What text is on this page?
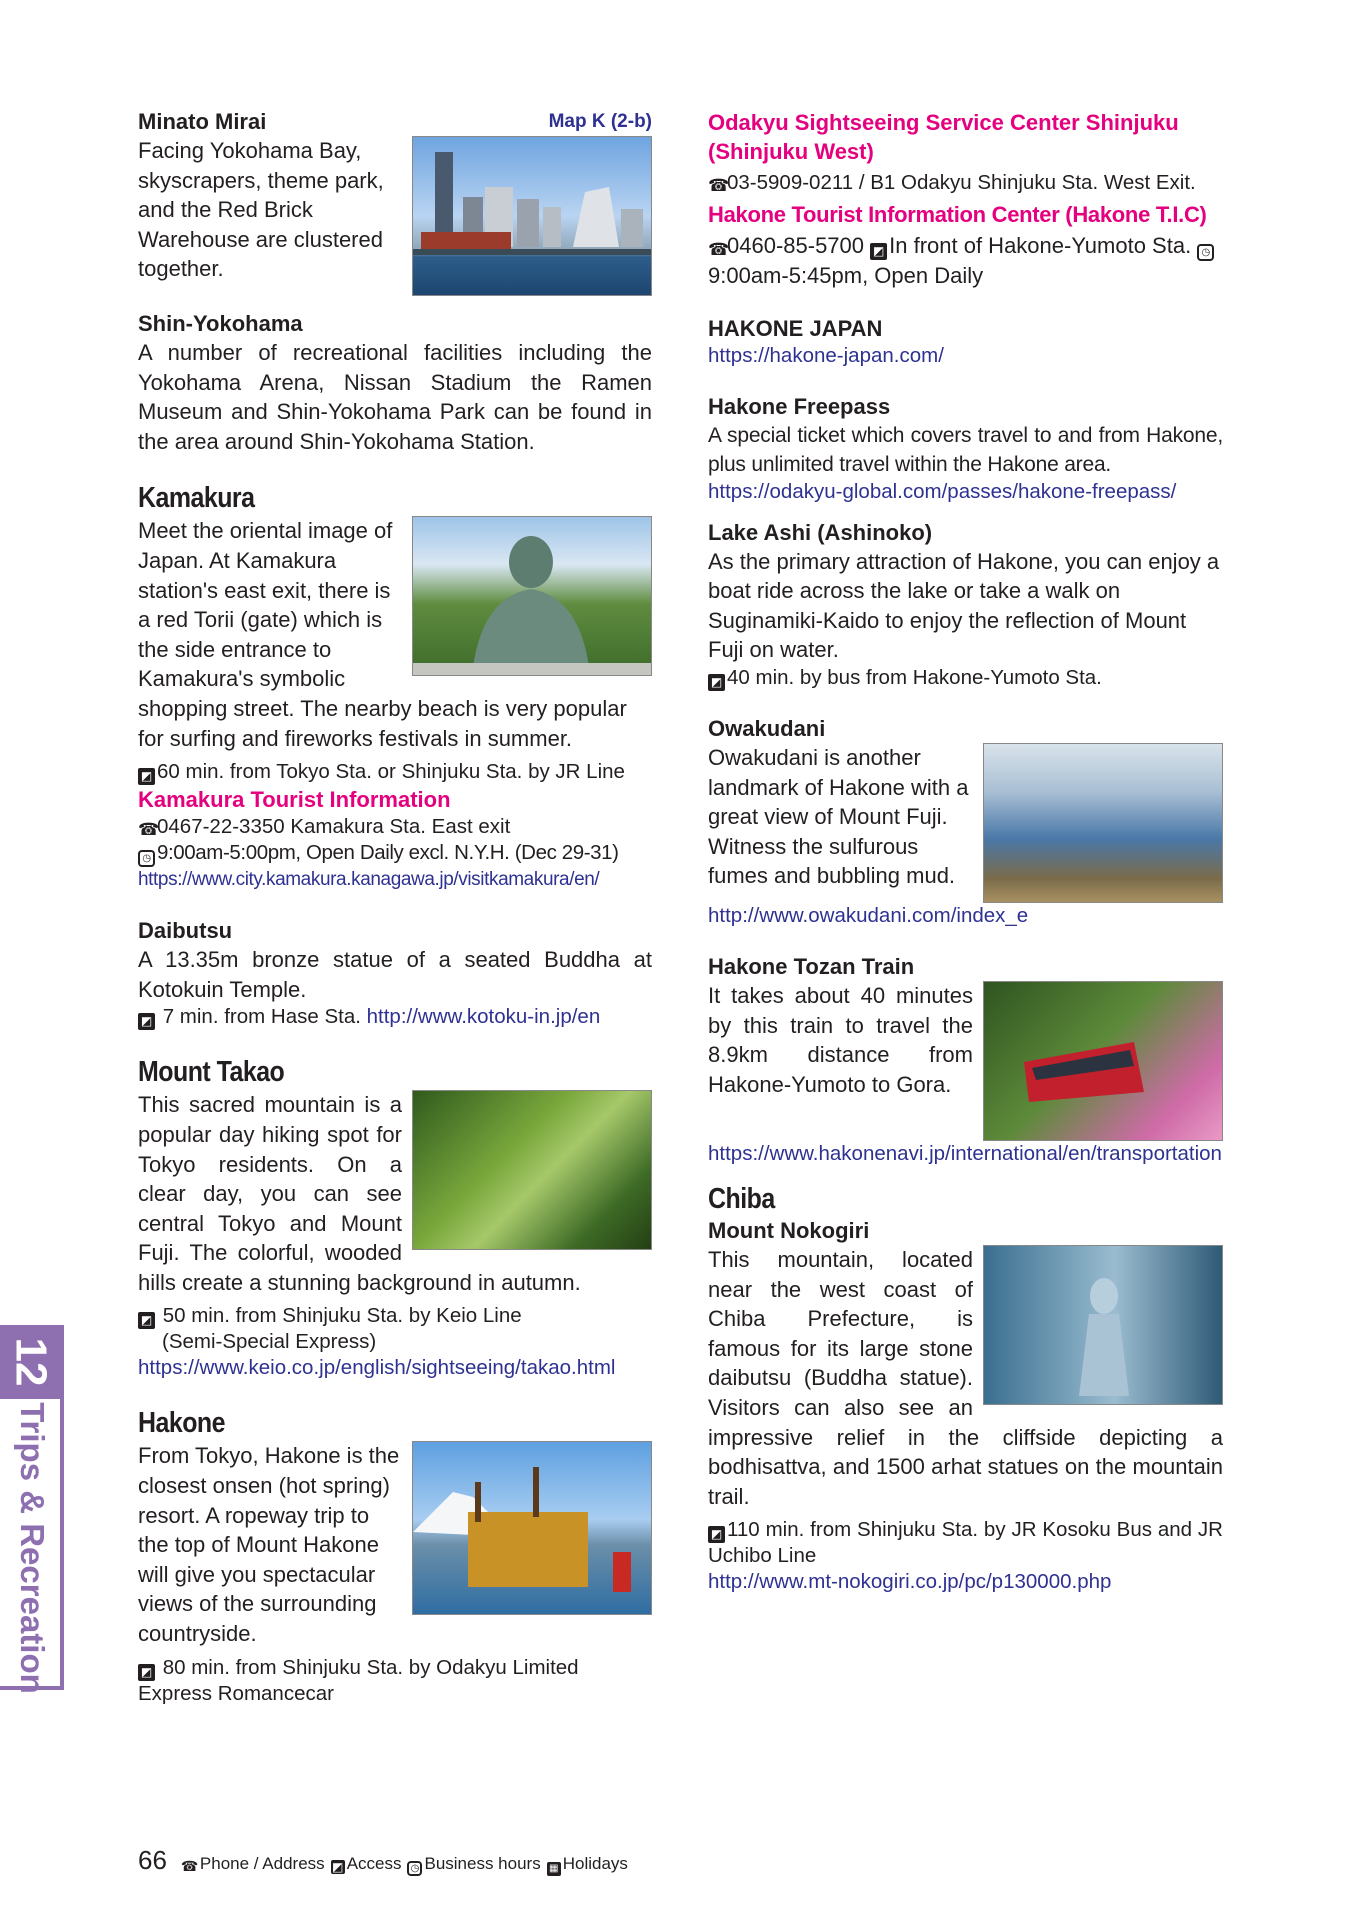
Map K (2-b)
Minato Mirai

Facing Yokohama Bay, skyscrapers, theme park, and the Red Brick Warehouse are clustered together.

Shin-Yokohama

A number of recreational facilities including the Yokohama Arena, Nissan Stadium the Ramen Museum and Shin-Yokohama Park can be found in the area around Shin-Yokohama Station.

Kamakura

Meet the oriental image of Japan. At Kamakura station's east exit, there is a red Torii (gate) which is the side entrance to Kamakura's symbolic shopping street. The nearby beach is very popular for surfing and fireworks festivals in summer.

◩ 60 min. from Tokyo Sta. or Shinjuku Sta. by JR Line

Kamakura Tourist Information

☎0467-22-3350 Kamakura Sta. East exit

◷ 9:00am-5:00pm, Open Daily excl. N.Y.H. (Dec 29-31)

https://www.city.kamakura.kanagawa.jp/visitkamakura/en/

Daibutsu

A 13.35m bronze statue of a seated Buddha at Kotokuin Temple.

◩ 7 min. from Hase Sta. http://www.kotoku-in.jp/en

Mount Takao

This sacred mountain is a popular day hiking spot for Tokyo residents. On a clear day, you can see central Tokyo and Mount Fuji. The colorful, wooded hills create a stunning background in autumn.

◩ 50 min. from Shinjuku Sta. by Keio Line

(Semi-Special Express)

https://www.keio.co.jp/english/sightseeing/takao.html

Hakone

From Tokyo, Hakone is the closest onsen (hot spring) resort. A ropeway trip to the top of Mount Hakone will give you spectacular views of the surrounding countryside.

◩ 80 min. from Shinjuku Sta. by Odakyu Limited Express Romancecar

Odakyu Sightseeing Service Center Shinjuku (Shinjuku West)

☎03-5909-0211 / B1 Odakyu Shinjuku Sta. West Exit.

Hakone Tourist Information Center (Hakone T.I.C)

☎0460-85-5700 ◩ In front of Hakone-Yumoto Sta. ◷9:00am-5:45pm, Open Daily

HAKONE JAPAN

https://hakone-japan.com/

Hakone Freepass

A special ticket which covers travel to and from Hakone, plus unlimited travel within the Hakone area.

https://odakyu-global.com/passes/hakone-freepass/

Lake Ashi (Ashinoko)

As the primary attraction of Hakone, you can enjoy a boat ride across the lake or take a walk on Suginamiki-Kaido to enjoy the reflection of Mount Fuji on water.

◩ 40 min. by bus from Hakone-Yumoto Sta.

Owakudani

Owakudani is another landmark of Hakone with a great view of Mount Fuji. Witness the sulfurous fumes and bubbling mud.

http://www.owakudani.com/index_e

Hakone Tozan Train

It takes about 40 minutes by this train to travel the 8.9km distance from Hakone-Yumoto to Gora.

https://www.hakonenavi.jp/international/en/transportation

Chiba

Mount Nokogiri

This mountain, located near the west coast of Chiba Prefecture, is famous for its large stone daibutsu (Buddha statue). Visitors can also see an impressive relief in the cliffside depicting a bodhisattva, and 1500 arhat statues on the mountain trail.

◩ 110 min. from Shinjuku Sta. by JR Kosoku Bus and JR Uchibo Line

http://www.mt-nokogiri.co.jp/pc/p130000.php

12
Trips & Recreation
66 ☎Phone / Address ◩ Access ◷ Business hours ▦ Holidays
